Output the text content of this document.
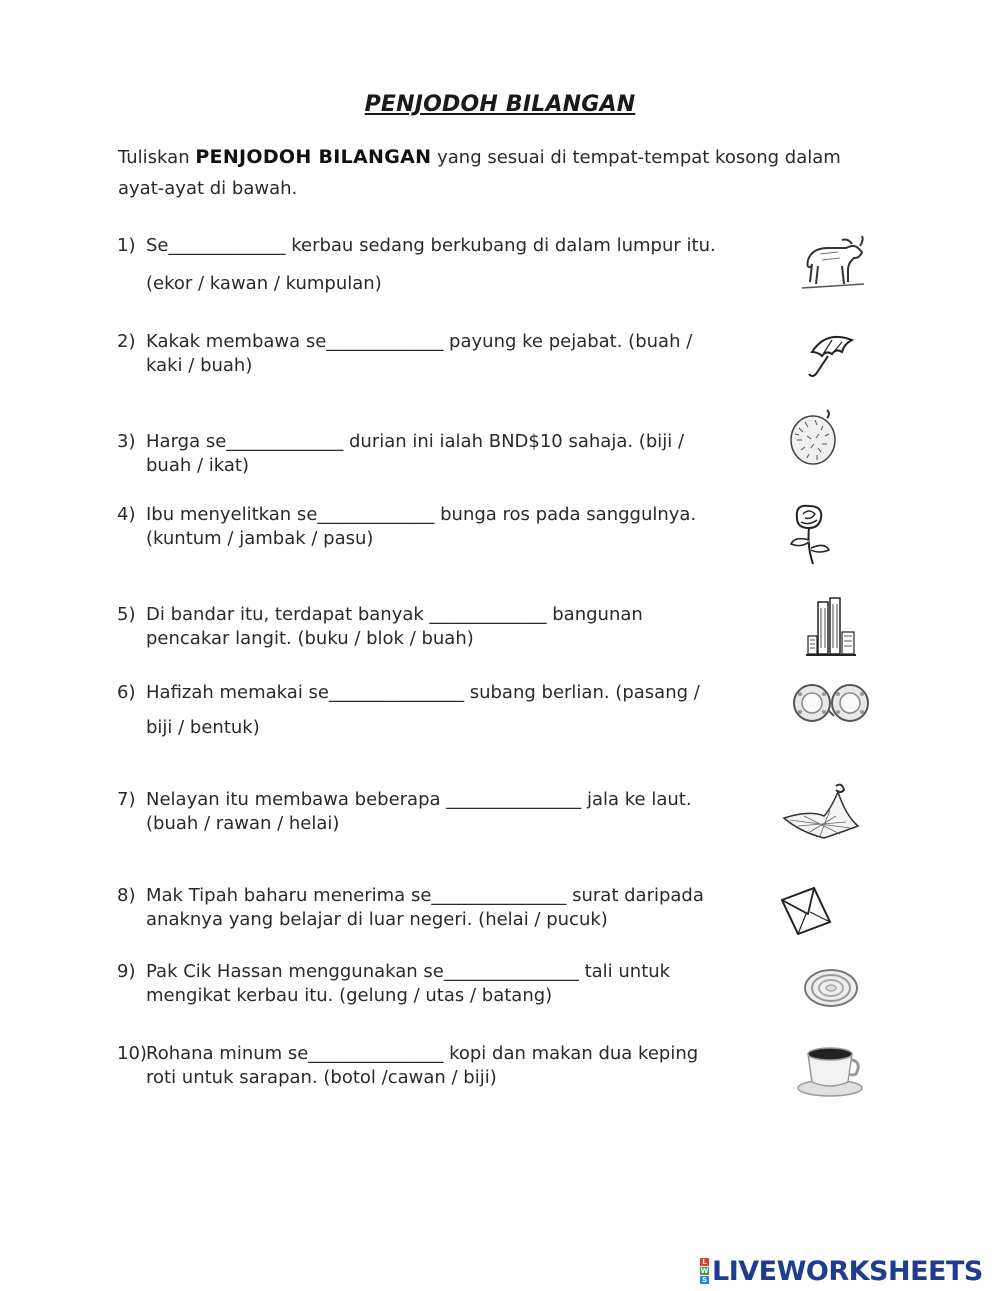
PENJODOH BILANGAN
Tuliskan PENJODOH BILANGAN yang sesuai di tempat-tempat kosong dalam ayat-ayat di bawah.
1) Se_____________ kerbau sedang berkubang di dalam lumpur itu.
(ekor / kawan / kumpulan)
2) Kakak membawa se_____________ payung ke pejabat. (buah /
kaki / buah)
3) Harga se_____________ durian ini ialah BND$10 sahaja. (biji /
buah / ikat)
4) Ibu menyelitkan se_____________ bunga ros pada sanggulnya.
(kuntum / jambak / pasu)
5) Di bandar itu, terdapat banyak _____________ bangunan
pencakar langit. (buku / blok / buah)
6) Hafizah memakai se_______________ subang berlian. (pasang /
biji / bentuk)
7) Nelayan itu membawa beberapa _______________ jala ke laut.
(buah / rawan / helai)
8) Mak Tipah baharu menerima se_______________ surat daripada
anaknya yang belajar di luar negeri. (helai / pucuk)
9) Pak Cik Hassan menggunakan se_______________ tali untuk
mengikat kerbau itu. (gelung / utas / batang)
10) Rohana minum se_______________ kopi dan makan dua keping
roti untuk sarapan. (botol /cawan / biji)
L
W
S LIVEWORKSHEETS
